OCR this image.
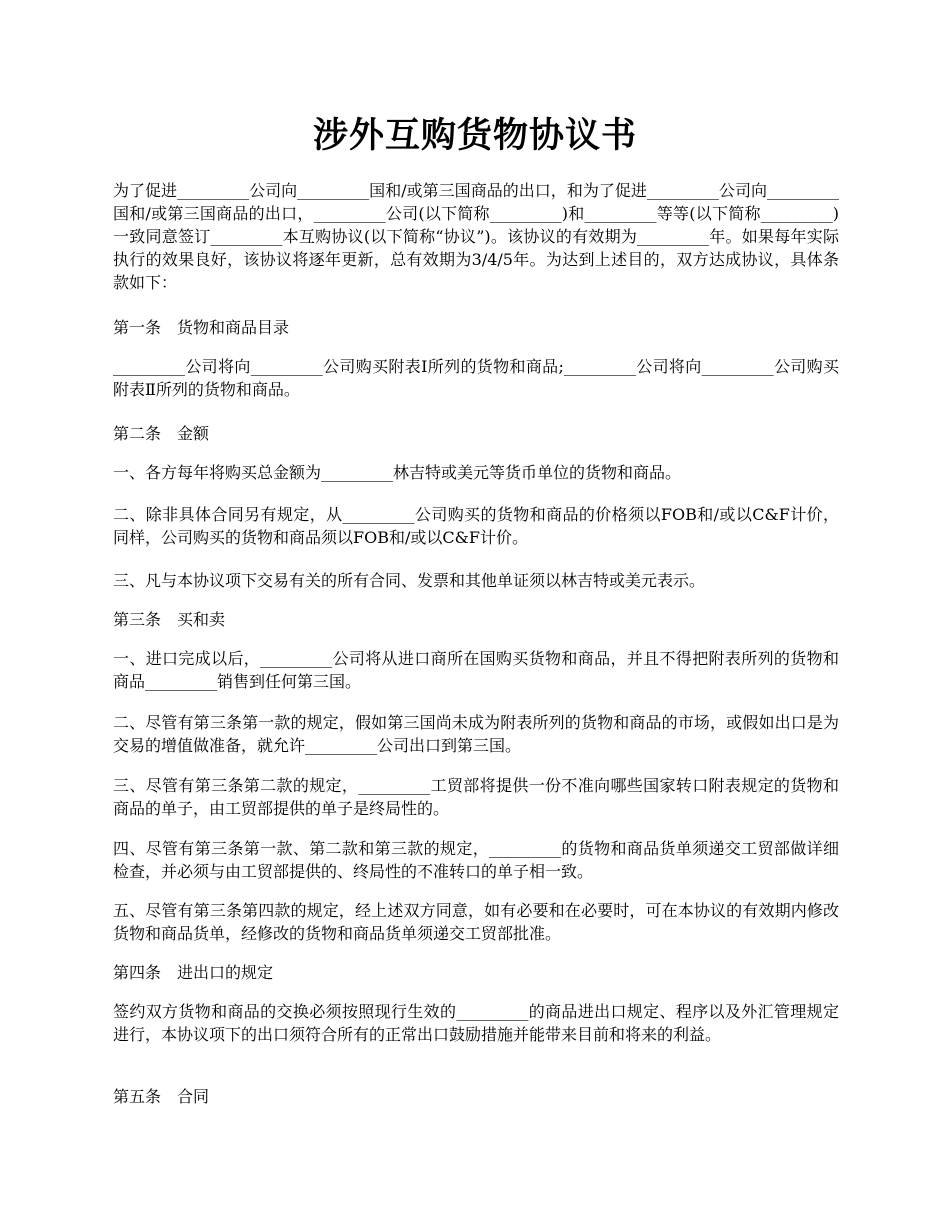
涉外互购货物协议书
为了促进_________公司向_________国和/或第三国商品的出口，和为了促进_________公司向_________国和/或第三国商品的出口，_________公司(以下简称_________)和_________等等(以下简称_________)一致同意签订_________本互购协议(以下简称“协议”)。该协议的有效期为_________年。如果每年实际执行的效果良好，该协议将逐年更新，总有效期为3/4/5年。为达到上述目的，双方达成协议，具体条款如下：
第一条　货物和商品目录
_________公司将向_________公司购买附表Ⅰ所列的货物和商品;_________公司将向_________公司购买附表Ⅱ所列的货物和商品。
第二条　金额
一、各方每年将购买总金额为_________林吉特或美元等货币单位的货物和商品。
二、除非具体合同另有规定，从_________公司购买的货物和商品的价格须以FOB和/或以C&F计价，同样，公司购买的货物和商品须以FOB和/或以C&F计价。
三、凡与本协议项下交易有关的所有合同、发票和其他单证须以林吉特或美元表示。
第三条　买和卖
一、进口完成以后，_________公司将从进口商所在国购买货物和商品，并且不得把附表所列的货物和商品_________销售到任何第三国。
二、尽管有第三条第一款的规定，假如第三国尚未成为附表所列的货物和商品的市场，或假如出口是为交易的增值做准备，就允许_________公司出口到第三国。
三、尽管有第三条第二款的规定，_________工贸部将提供一份不准向哪些国家转口附表规定的货物和商品的单子，由工贸部提供的单子是终局性的。
四、尽管有第三条第一款、第二款和第三款的规定，_________的货物和商品货单须递交工贸部做详细检查，并必须与由工贸部提供的、终局性的不准转口的单子相一致。
五、尽管有第三条第四款的规定，经上述双方同意，如有必要和在必要时，可在本协议的有效期内修改货物和商品货单，经修改的货物和商品货单须递交工贸部批准。
第四条　进出口的规定
签约双方货物和商品的交换必须按照现行生效的_________的商品进出口规定、程序以及外汇管理规定进行，本协议项下的出口须符合所有的正常出口鼓励措施并能带来目前和将来的利益。
第五条　合同
